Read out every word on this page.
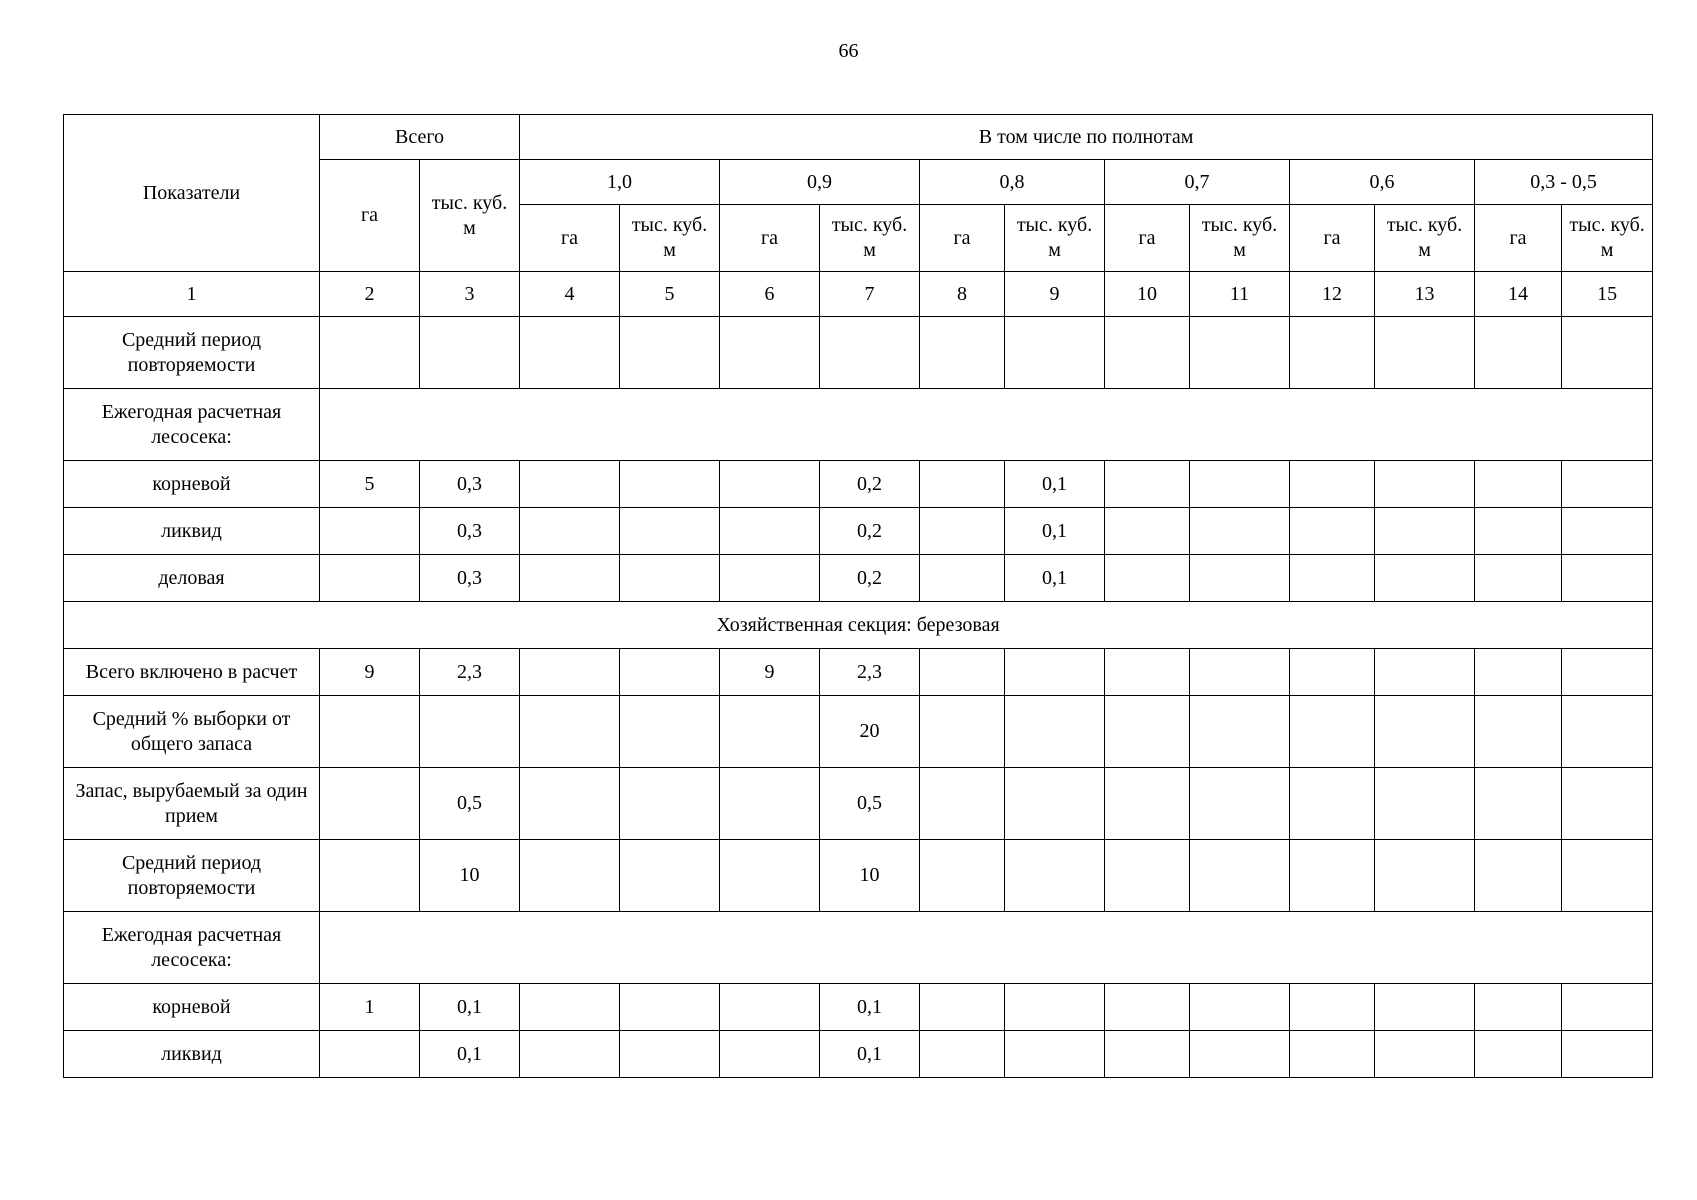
66
Показатели	Всего		В том числе по полнотам											
	га	тыс. куб. м	1,0		0,9		0,8		0,7		0,6		0,3 - 0,5	
			га	тыс. куб. м	га	тыс. куб. м	га	тыс. куб. м	га	тыс. куб. м	га	тыс. куб. м	га	тыс. куб. м
1	2	3	4	5	6	7	8	9	10	11	12	13	14	15
Средний период повторяемости														
Ежегодная расчетная лесосека:														
корневой	5	0,3				0,2		0,1						
ликвид		0,3				0,2		0,1						
деловая		0,3				0,2		0,1						
Хозяйственная секция: березовая														
Всего включено в расчет	9	2,3			9	2,3								
Средний % выборки от общего запаса						20								
Запас, вырубаемый за один прием		0,5				0,5								
Средний период повторяемости		10				10								
Ежегодная расчетная лесосека:														
корневой	1	0,1				0,1								
ликвид		0,1				0,1								
